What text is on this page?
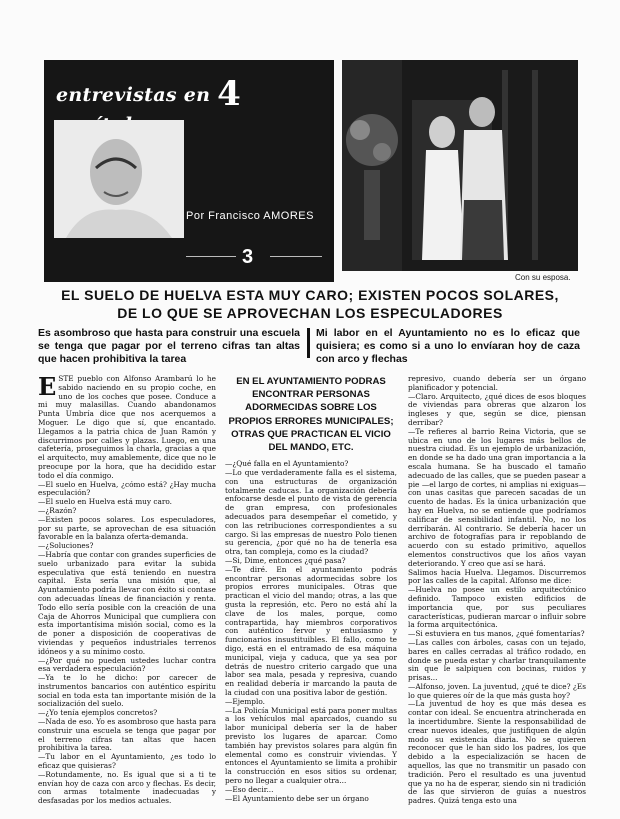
entrevistas en 4
Por Francisco AMORES
3
Con su esposa.
EL SUELO DE HUELVA ESTA MUY CARO; EXISTEN POCOS SOLARES,
DE LO QUE SE APROVECHAN LOS ESPECULADORES
Es asombroso que hasta para construir una escuela se tenga que pagar por el terreno cifras tan altas que hacen prohibitiva la tarea
Mi labor en el Ayuntamiento no es lo eficaz que quisiera; es como si a uno lo envíaran hoy de caza con arco y flechas

ESTE pueblo con Alfonso Arambarú lo he sabido naciendo en su propio coche, en uno de los coches que posee. Conduce a mi muy malasillas. Cuando abandonamos Punta Umbría dice que nos acerquemos a Moguer. Le digo que sí, que encantado. Llegamos a la patria chica de Juan Ramón y discurrimos por calles y plazas. Luego, en una cafetería, proseguimos la charla, gracias a que el arquitecto, muy amablemente, dice que no le preocupe por la hora, que ha decidido estar todo el día conmigo.

—El suelo en Huelva, ¿cómo está? ¿Hay mucha especulación?

—El suelo en Huelva está muy caro.

—¿Razón?

—Existen pocos solares. Los especuladores, por su parte, se aprovechan de esa situación favorable en la balanza oferta-demanda.

—¿Soluciones?

—Habría que contar con grandes superficies de suelo urbanizado para evitar la subida especulativa que está teniendo en nuestra capital. Esta sería una misión que, al Ayuntamiento podría llevar con éxito si contase con adecuadas líneas de financiación y renta. Todo ello sería posible con la creación de una Caja de Ahorros Municipal que cumpliera con esta importantísima misión social, como es la de poner a disposición de cooperativas de viviendas y pequeños industriales terrenos idóneos y a su mínimo costo.

—¿Por qué no pueden ustedes luchar contra esa verdadera especulación?

—Ya te lo he dicho: por carecer de instrumentos bancarios con auténtico espíritu social en toda esta tan importante misión de la socialización del suelo.

—¿Yo tenía ejemplos concretos?

—Nada de eso. Yo es asombroso que hasta para construir una escuela se tenga que pagar por el terreno cifras tan altas que hacen prohibitiva la tarea.

—Tu labor en el Ayuntamiento, ¿es todo lo eficaz que quisieras?

—Rotundamente, no. Es igual que si a ti te envían hoy de caza con arco y flechas. Es decir, con armas totalmente inadecuadas y desfasadas por los medios actuales.

EN EL AYUNTAMIENTO PODRAS ENCONTRAR PERSONAS ADORMECIDAS SOBRE LOS PROPIOS ERRORES MUNICIPALES; OTRAS QUE PRACTICAN EL VICIO DEL MANDO, ETC.

—¿Qué falla en el Ayuntamiento?

—Lo que verdaderamente falla es el sistema, con una estructuras de organización totalmente caducas. La organización debería enfocarse desde el punto de vista de gerencia de gran empresa, con profesionales adecuados para desempeñar el cometido, y con las retribuciones correspondientes a su cargo. Si las empresas de nuestro Polo tienen su gerencia, ¿por qué no ha de tenerla esa otra, tan compleja, como es la ciudad?

—Si, Dime, entonces ¿qué pasa?

—Te diré. En el ayuntamiento podrás encontrar personas adormecidas sobre los propios errores municipales. Otras que practican el vicio del mando; otras, a las que gusta la represión, etc. Pero no está ahí la clave de los males, porque, como contrapartida, hay miembros corporativos con auténtico fervor y entusiasmo y funcionarios insustituibles. El fallo, como te digo, está en el entramado de esa máquina municipal, vieja y caduca, que ya sea por detrás de nuestro criterio cargado que una labor sea mala, pesada y represiva, cuando en realidad debería ir marcando la pauta de la ciudad con una positiva labor de gestión.

—Ejemplo.

—La Policía Municipal está para poner multas a los vehículos mal aparcados, cuando su labor municipal debería ser la de haber previsto los lugares de aparcar. Como también hay previstos solares para algún fin elemental como es construir viviendas. Y entonces el Ayuntamiento se limita a prohibir la construcción en esos sitios su ordenar, pero no llegar a cualquier otra...

—Eso decir...

—El Ayuntamiento debe ser un órgano

represivo, cuando debería ser un órgano planificador y potencial.

—Claro. Arquitecto, ¿qué dices de esos bloques de viviendas para obreras que alzaron los ingleses y que, según se dice, piensan derribar?

—Te refieres al barrio Reina Victoria, que se ubica en uno de los lugares más bellos de nuestra ciudad. Es un ejemplo de urbanización, en donde se ha dado una gran importancia a la escala humana. Se ha buscado el tamaño adecuado de las calles, que se pueden pasear a pie —el largo de cortes, ni amplias ni exiguas— con unas casitas que parecen sacadas de un cuento de hadas. Es la única urbanización que hay en Huelva, no se entiende que podríamos calificar de sensibilidad infantil. No, no los derribarán. Al contrario. Se debería hacer un archivo de fotografías para ir repoblando de acuerdo con su estado primitivo, aquellos elementos constructivos que los años vayan deteriorando. Y creo que así se hará.

Salimos hacia Huelva. Llegamos. Discurremos por las calles de la capital. Alfonso me dice:

—Huelva no posee un estilo arquitectónico definido. Tampoco existen edificios de importancia que, por sus peculiares características, pudieran marcar o influir sobre la forma arquitectónica.

—Si estuviera en tus manos, ¿qué fomentarías?

—Las calles con árboles, casas con un tejado, bares en calles cerradas al tráfico rodado, en donde se pueda estar y charlar tranquilamente sin que le salpiquen con bocinas, ruidos y prisas...

—Alfonso, joven. La juventud, ¿qué te dice? ¿Es lo que quieres oír de la que más gusta hoy?

—La juventud de hoy es que más desea es contar con ideal. Se encuentra atrincherada en la incertidumbre. Siente la responsabilidad de crear nuevos ideales, que justifiquen de algún modo su existencia diaria. No se quieren reconocer que le han sido los padres, los que debido a la especialización se hacen de aquellos, las que no transmitir un pasado con tradición. Pero el resultado es una juventud que ya no ha de esperar, siendo sin ni tradición de las que sirvieron de guías a nuestros padres. Quizá tenga esto una
